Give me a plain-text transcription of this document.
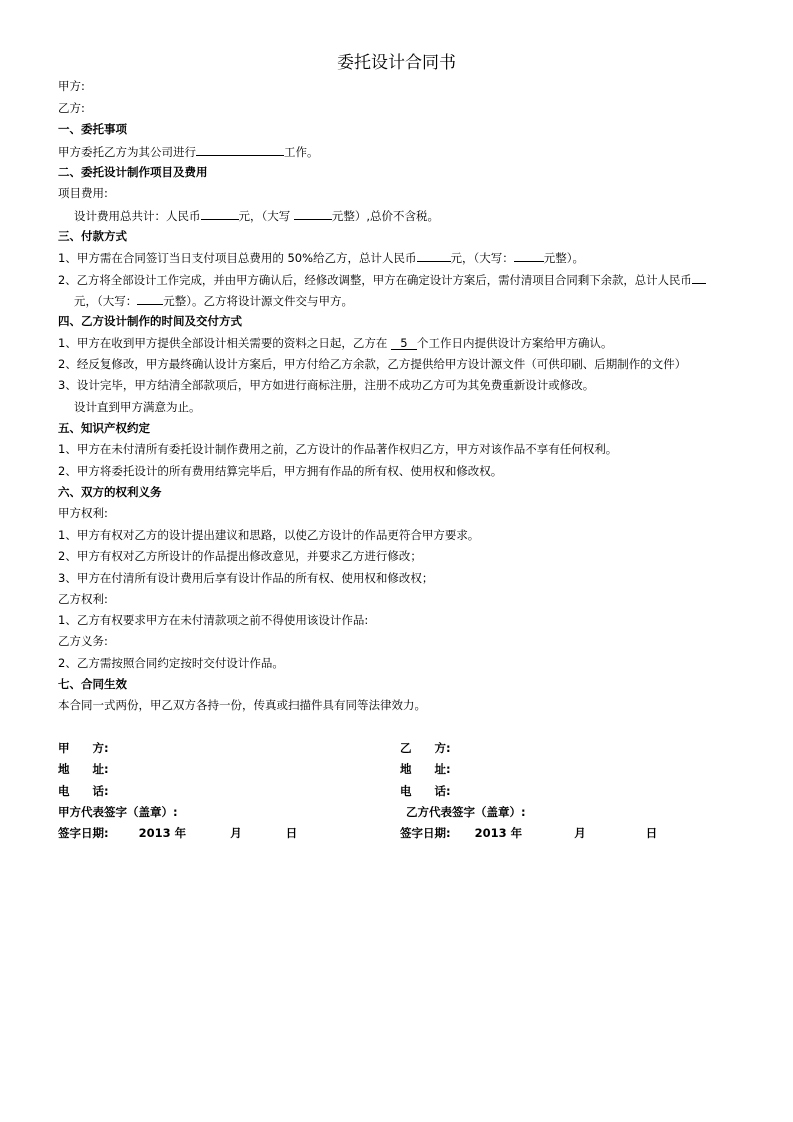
委托设计合同书
甲方:
乙方:
一、委托事项
甲方委托乙方为其公司进行	工作。
二、委托设计制作项目及费用
项目费用:
设计费用总共计：人民币	元，（大写	元整）,总价不含税。
三、付款方式
1、甲方需在合同签订当日支付项目总费用的 50%给乙方，总计人民币	元，（大写：	元整）。
2、乙方将全部设计工作完成，并由甲方确认后，经修改调整，甲方在确定设计方案后，需付清项目合同剩下余款，总计人民币
元，（大写： 元整）。乙方将设计源文件交与甲方。
四、乙方设计制作的时间及交付方式
1、甲方在收到甲方提供全部设计相关需要的资料之日起，乙方在 5 个工作日内提供设计方案给甲方确认。
2、经反复修改，甲方最终确认设计方案后，甲方付给乙方余款，乙方提供给甲方设计源文件（可供印刷、后期制作的文件）
3、设计完毕，甲方结清全部款项后，甲方如进行商标注册，注册不成功乙方可为其免费重新设计或修改。
设计直到甲方满意为止。
五、知识产权约定
1、甲方在未付清所有委托设计制作费用之前，乙方设计的作品著作权归乙方，甲方对该作品不享有任何权利。
2、甲方将委托设计的所有费用结算完毕后，甲方拥有作品的所有权、使用权和修改权。
六、双方的权利义务
甲方权利:
1、甲方有权对乙方的设计提出建议和思路，以使乙方设计的作品更符合甲方要求。
2、甲方有权对乙方所设计的作品提出修改意见，并要求乙方进行修改；
3、甲方在付清所有设计费用后享有设计作品的所有权、使用权和修改权；
乙方权利:
1、乙方有权要求甲方在未付清款项之前不得使用该设计作品:
乙方义务:
2、乙方需按照合同约定按时交付设计作品。
七、合同生效
本合同一式两份，甲乙双方各持一份，传真或扫描件具有同等法律效力。
甲　　方:
地　　址:
电　　话:
甲方代表签字（盖章）:
签字日期:	2013 年	月	日
乙　　方:
地　　址:
电　　话:
乙方代表签字（盖章）:
签字日期: 2013 年	月	日
